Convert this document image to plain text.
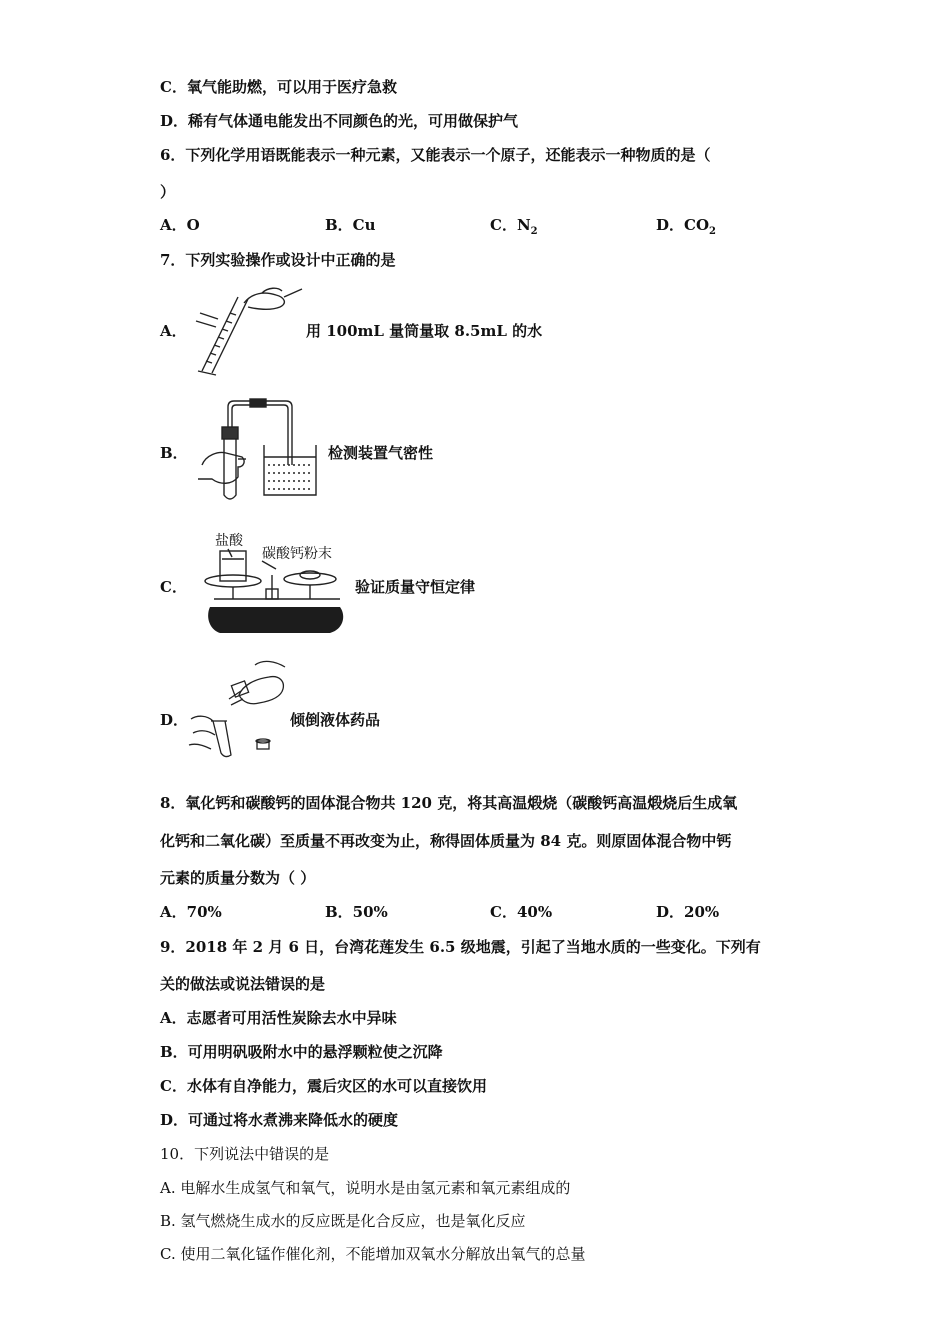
C．氧气能助燃，可以用于医疗急救
D．稀有气体通电能发出不同颜色的光，可用做保护气
6．下列化学用语既能表示一种元素，又能表示一个原子，还能表示一种物质的是（
）
A．O	B．Cu	C．$N_2$	D．$CO_2$
7．下列实验操作或设计中正确的是
A．	用 100mL 量筒量取 8.5mL 的水
B．	检测装置气密性
C．
盐酸
碳酸钙粉末
验证质量守恒定律
D．	倾倒液体药品
8．氧化钙和碳酸钙的固体混合物共 120 克，将其高温煅烧（碳酸钙高温煅烧后生成氧
化钙和二氧化碳）至质量不再改变为止，称得固体质量为 84 克。则原固体混合物中钙
元素的质量分数为（ ）
A．70%	B．50%	C．40%	D．20%
9．2018 年 2 月 6 日，台湾花莲发生 6.5 级地震，引起了当地水质的一些变化。下列有
关的做法或说法错误的是
A．志愿者可用活性炭除去水中异味
B．可用明矾吸附水中的悬浮颗粒使之沉降
C．水体有自净能力，震后灾区的水可以直接饮用
D．可通过将水煮沸来降低水的硬度
10．下列说法中错误的是
A. 电解水生成氢气和氧气，说明水是由氢元素和氧元素组成的
B. 氢气燃烧生成水的反应既是化合反应，也是氧化反应
C. 使用二氧化锰作催化剂，不能增加双氧水分解放出氧气的总量
